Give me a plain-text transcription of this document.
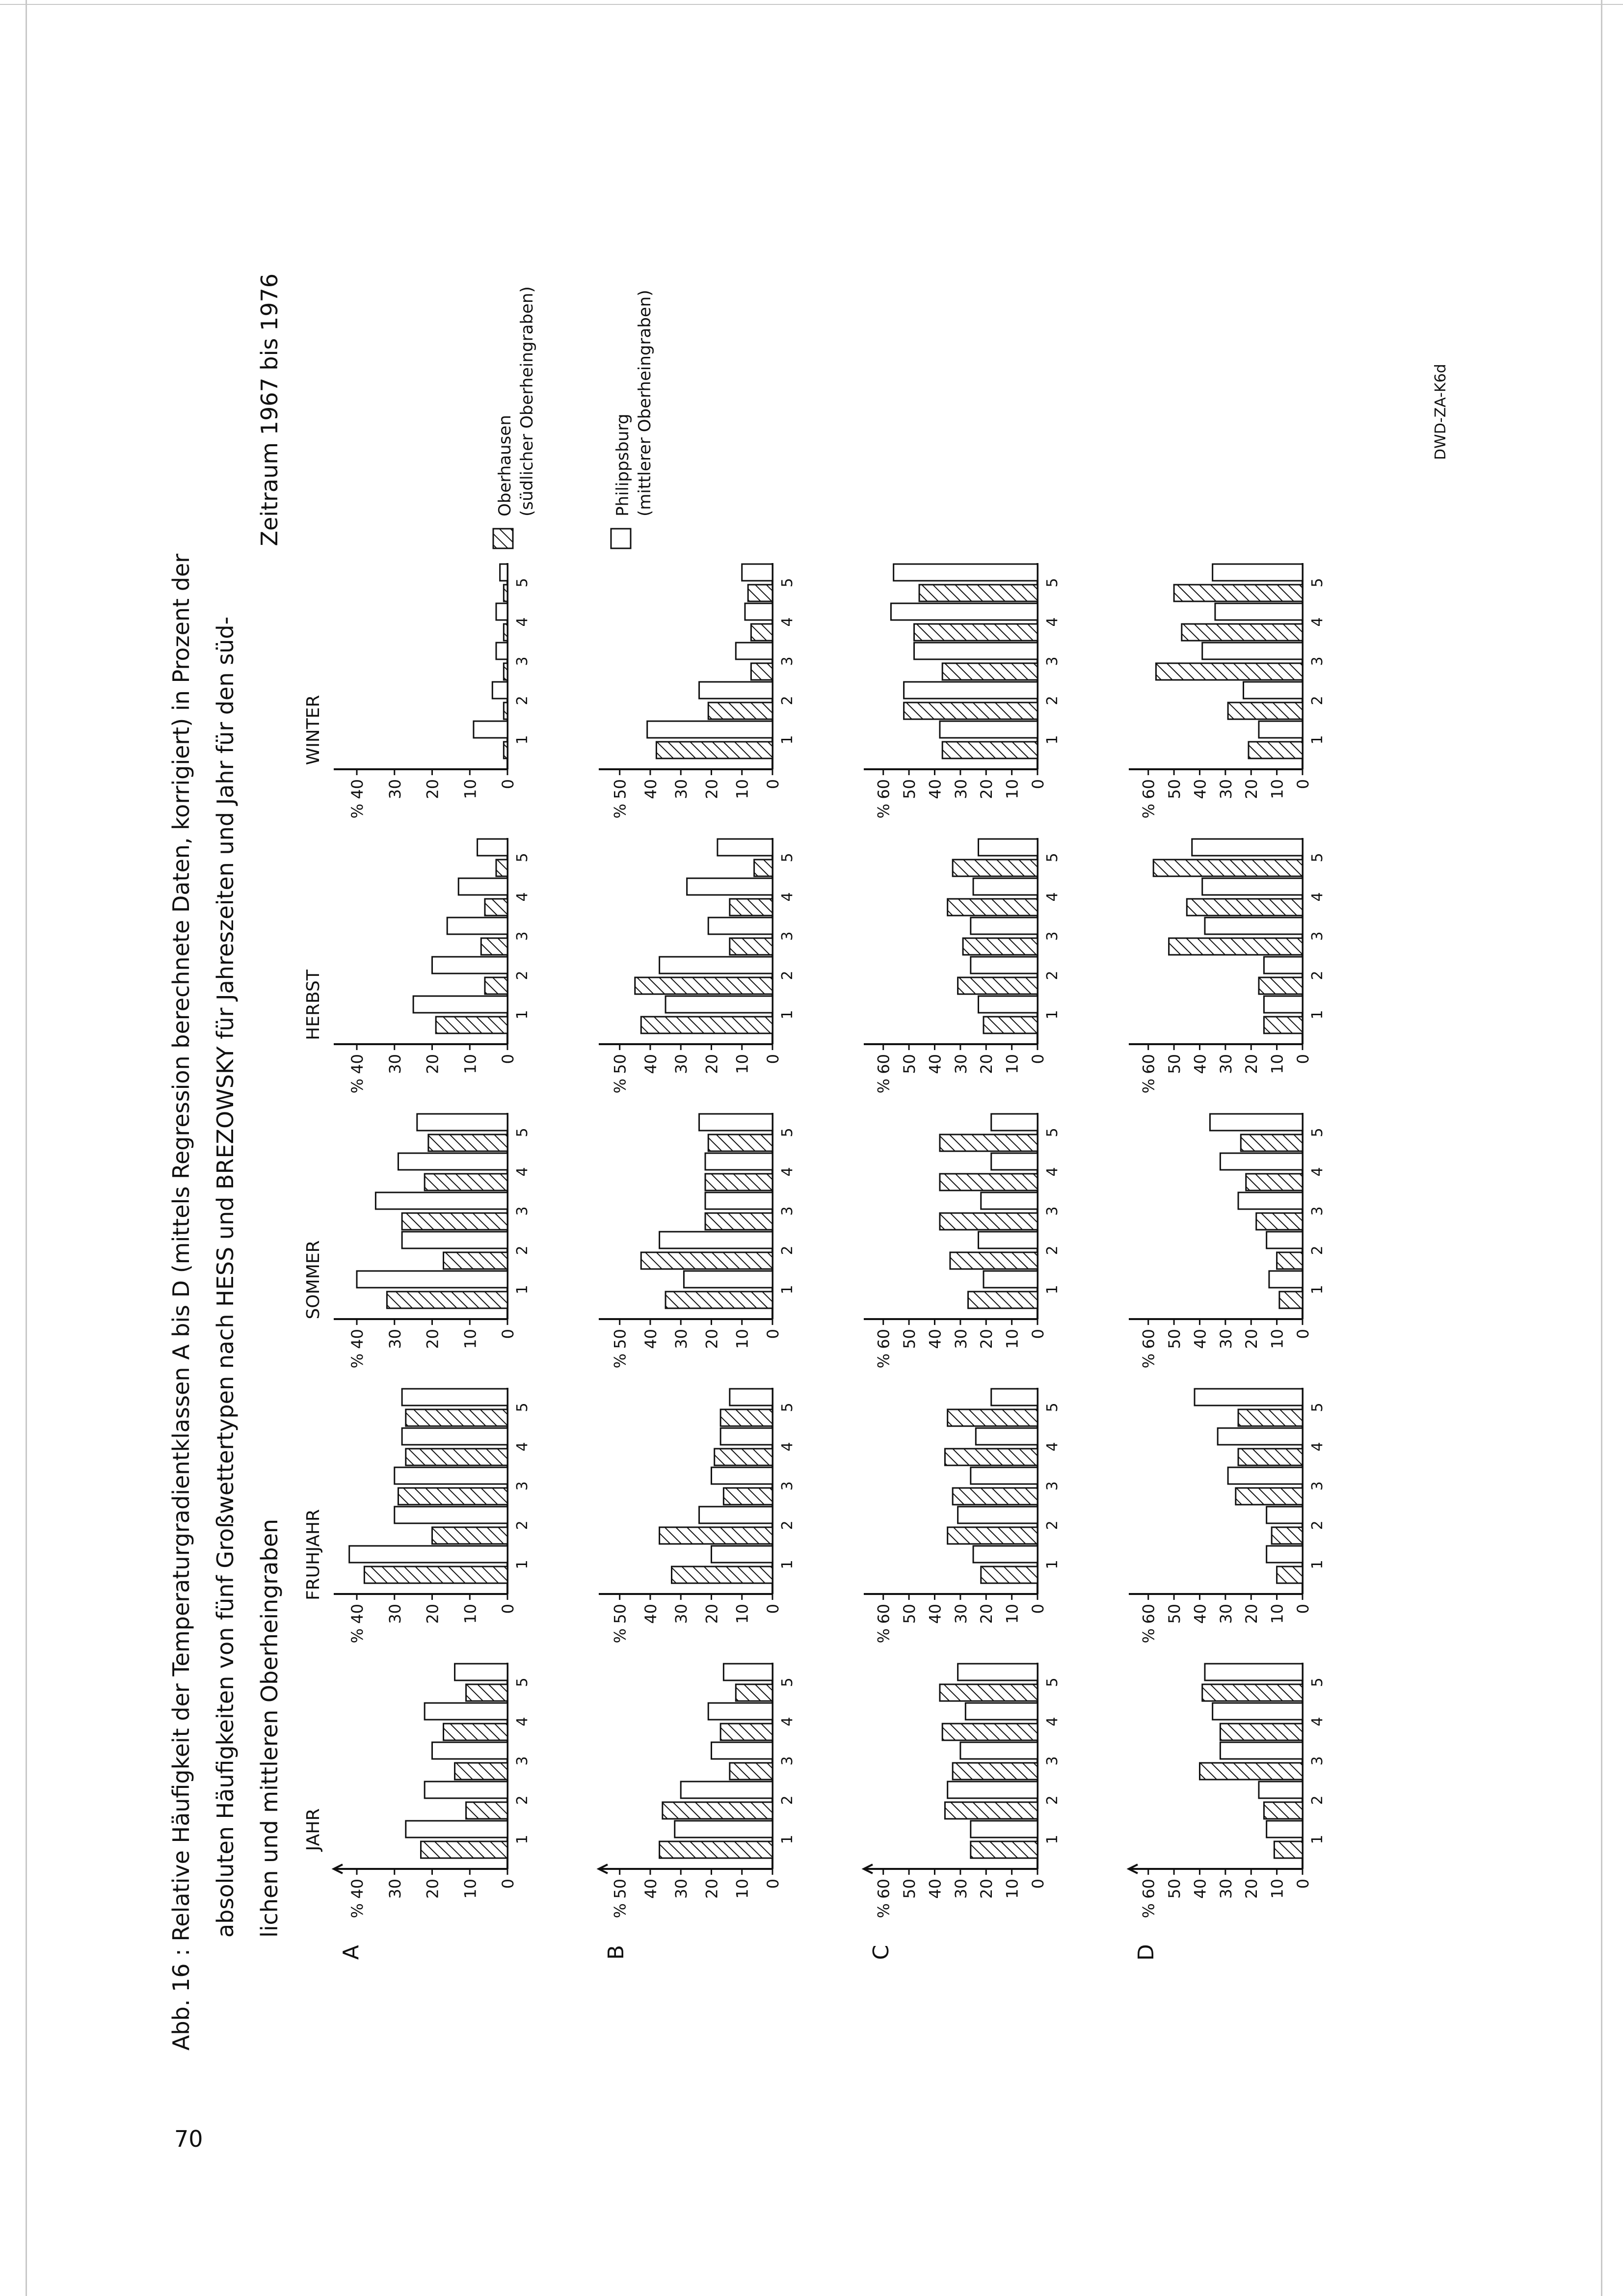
70
Abb. 16 : Relative Häufigkeit der Temperaturgradientklassen A bis D (mittels Regression berechnete Daten, korrigiert) in Prozent der absoluten Häufigkeiten von fünf Großwettertypen nach HESS und BREZOWSKY für Jahreszeiten und Jahr für den süd- lichen und mittleren Oberheingraben
Zeitraum 1967 bis 1976
JAHR
FRUHJAHR
SOMMER
HERBST
WINTER
A	B	C	D
0
10
20
30
40
%
1
2
3
4
5
0
10
20
30
40
%
1
2
3
4
5
0
10
20
30
40
%
1
2
3
4
5
0
10
20
30
40
%
1
2
3
4
5
0
10
20
30
40
%
1
2
3
4
5
0
10
20
30
40
50
%
1
2
3
4
5
0
10
20
30
40
50
%
1
2
3
4
5
0
10
20
30
40
50
%
1
2
3
4
5
0
10
20
30
40
50
%
1
2
3
4
5
0
10
20
30
40
50
%
1
2
3
4
5
0
10
20
30
40
50
60
%
1
2
3
4
5
0
10
20
30
40
50
60
%
1
2
3
4
5
0
10
20
30
40
50
60
%
1
2
3
4
5
0
10
20
30
40
50
60
%
1
2
3
4
5
0
10
20
30
40
50
60
%
1
2
3
4
5
0
10
20
30
40
50
60
%
1
2
3
4
5
0
10
20
30
40
50
60
%
1
2
3
4
5
0
10
20
30
40
50
60
%
1
2
3
4
5
0
10
20
30
40
50
60
%
1
2
3
4
5
0
10
20
30
40
50
60
%
1
2
3
4
5
Oberhausen (südlicher Oberheingraben)	Philippsburg (mittlerer Oberheingraben)	DWD-ZA-K6d
